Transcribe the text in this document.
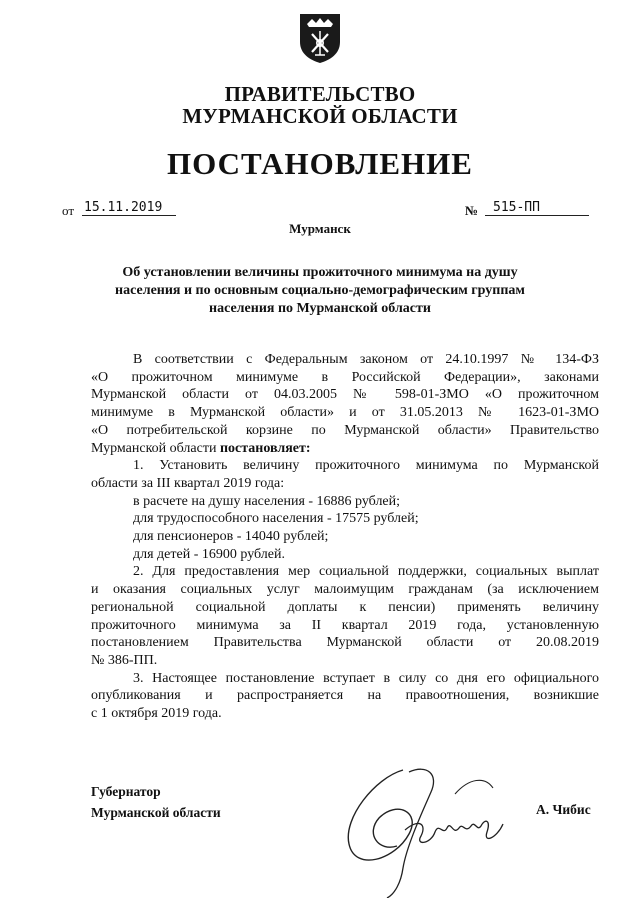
ПРАВИТЕЛЬСТВО
МУРМАНСКОЙ ОБЛАСТИ
ПОСТАНОВЛЕНИЕ
от 15.11.2019	№	515-ПП
Мурманск
Об установлении величины прожиточного минимума на душу
населения и по основным социально-демографическим группам
населения по Мурманской области
В соответствии с Федеральным законом от 24.10.1997 № 134-ФЗ
«О прожиточном минимуме в Российской Федерации», законами
Мурманской области от 04.03.2005 № 598-01-ЗМО «О прожиточном
минимуме в Мурманской области» и от 31.05.2013 № 1623-01-ЗМО
«О потребительской корзине по Мурманской области» Правительство
Мурманской области постановляет:
1. Установить величину прожиточного минимума по Мурманской
области за III квартал 2019 года:
в расчете на душу населения - 16886 рублей;
для трудоспособного населения - 17575 рублей;
для пенсионеров - 14040 рублей;
для детей - 16900 рублей.
2. Для предоставления мер социальной поддержки, социальных выплат
и оказания социальных услуг малоимущим гражданам (за исключением
региональной социальной доплаты к пенсии) применять величину
прожиточного минимума за II квартал 2019 года, установленную
постановлением Правительства Мурманской области от 20.08.2019
№ 386-ПП.
3. Настоящее постановление вступает в силу со дня его официального
опубликования и распространяется на правоотношения, возникшие
с 1 октября 2019 года.
Губернатор
Мурманской области	А. Чибис
